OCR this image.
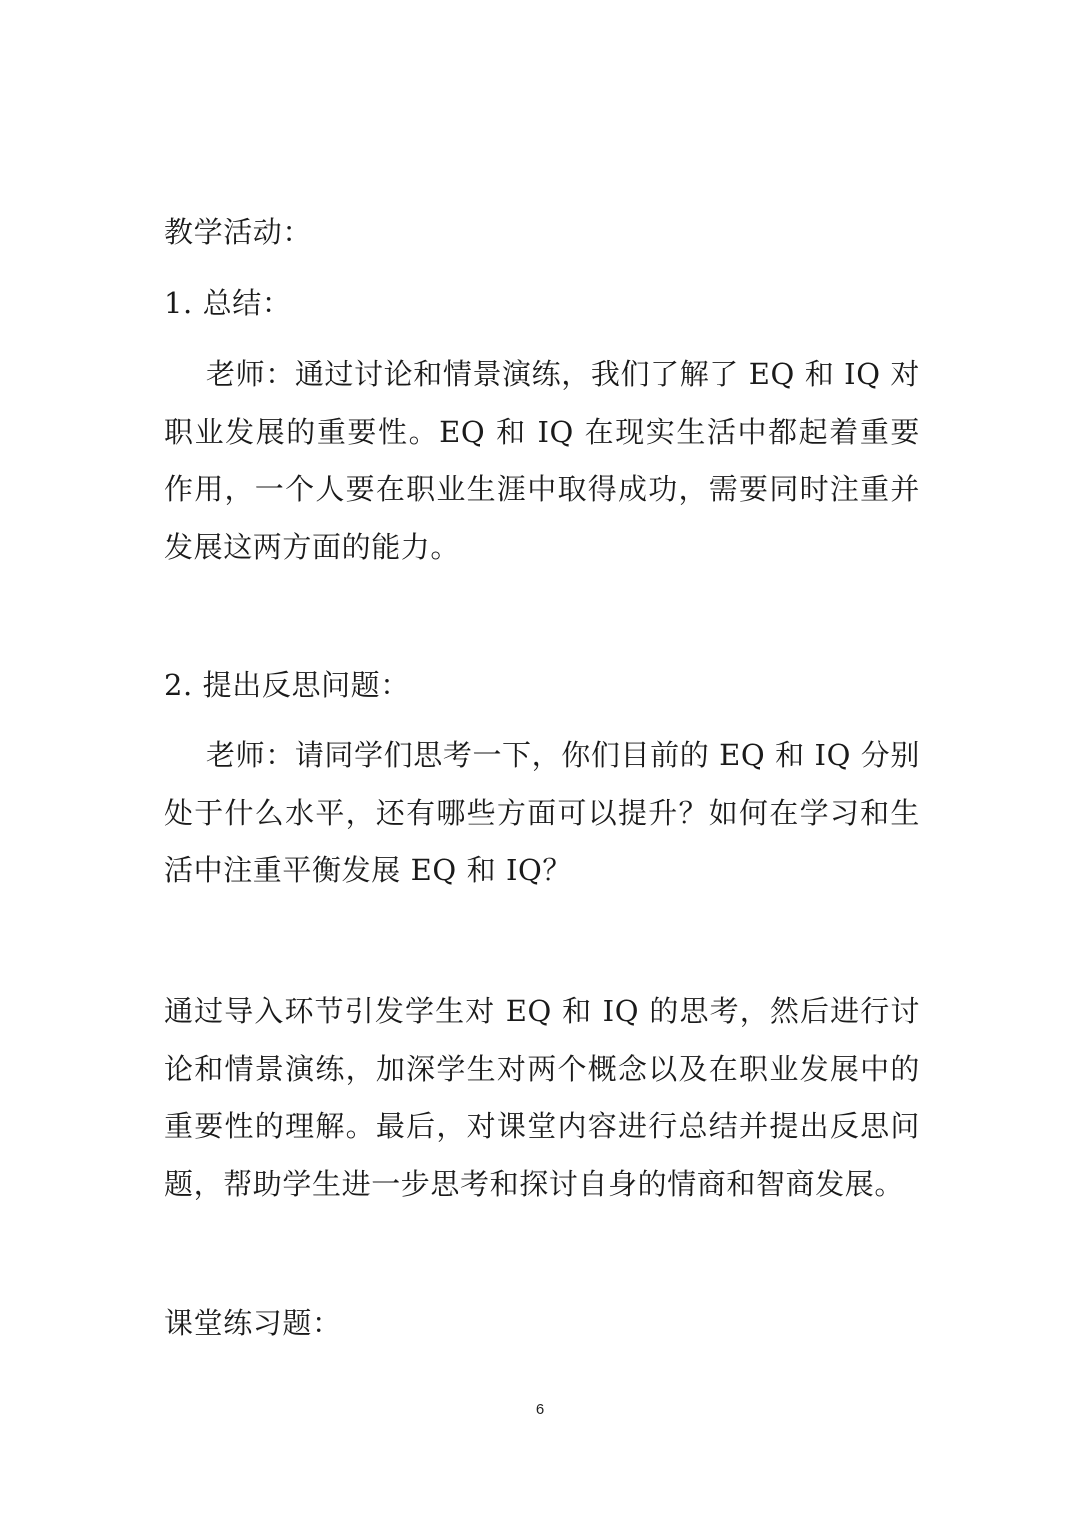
教学活动：
1. 总结：
老师：通过讨论和情景演练，我们了解了 EQ 和 IQ 对职业发展的重要性。EQ 和 IQ 在现实生活中都起着重要作用，一个人要在职业生涯中取得成功，需要同时注重并发展这两方面的能力。
2. 提出反思问题：
老师：请同学们思考一下，你们目前的 EQ 和 IQ 分别处于什么水平，还有哪些方面可以提升？如何在学习和生活中注重平衡发展 EQ 和 IQ？
通过导入环节引发学生对 EQ 和 IQ 的思考，然后进行讨论和情景演练，加深学生对两个概念以及在职业发展中的重要性的理解。最后，对课堂内容进行总结并提出反思问题，帮助学生进一步思考和探讨自身的情商和智商发展。
课堂练习题：
6
